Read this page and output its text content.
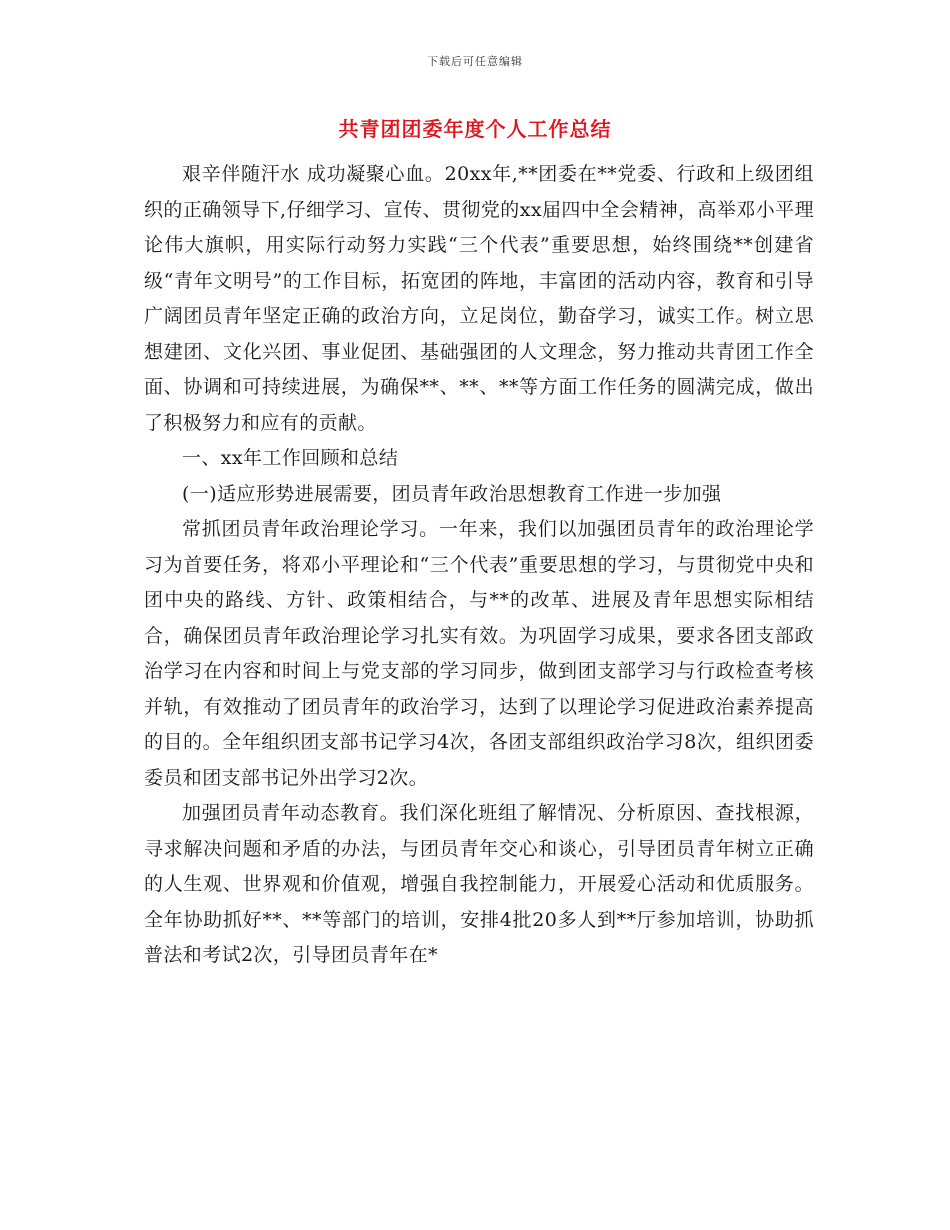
下载后可任意编辑
共青团团委年度个人工作总结

艰辛伴随汗水 成功凝聚心血。20xx年,**团委在**党委、行政和上级团组织的正确领导下,仔细学习、宣传、贯彻党的xx届四中全会精神，高举邓小平理论伟大旗帜，用实际行动努力实践“三个代表”重要思想，始终围绕**创建省级“青年文明号”的工作目标，拓宽团的阵地，丰富团的活动内容，教育和引导广阔团员青年坚定正确的政治方向，立足岗位，勤奋学习，诚实工作。树立思想建团、文化兴团、事业促团、基础强团的人文理念，努力推动共青团工作全面、协调和可持续进展，为确保**、**、**等方面工作任务的圆满完成，做出了积极努力和应有的贡献。

一、xx年工作回顾和总结

(一)适应形势进展需要，团员青年政治思想教育工作进一步加强

常抓团员青年政治理论学习。一年来，我们以加强团员青年的政治理论学习为首要任务，将邓小平理论和“三个代表”重要思想的学习，与贯彻党中央和团中央的路线、方针、政策相结合，与**的改革、进展及青年思想实际相结合，确保团员青年政治理论学习扎实有效。为巩固学习成果，要求各团支部政治学习在内容和时间上与党支部的学习同步，做到团支部学习与行政检查考核并轨，有效推动了团员青年的政治学习，达到了以理论学习促进政治素养提高的目的。全年组织团支部书记学习4次，各团支部组织政治学习8次，组织团委委员和团支部书记外出学习2次。

加强团员青年动态教育。我们深化班组了解情况、分析原因、查找根源，寻求解决问题和矛盾的办法，与团员青年交心和谈心，引导团员青年树立正确的人生观、世界观和价值观，增强自我控制能力，开展爱心活动和优质服务。全年协助抓好**、**等部门的培训，安排4批20多人到**厅参加培训，协助抓普法和考试2次，引导团员青年在*
